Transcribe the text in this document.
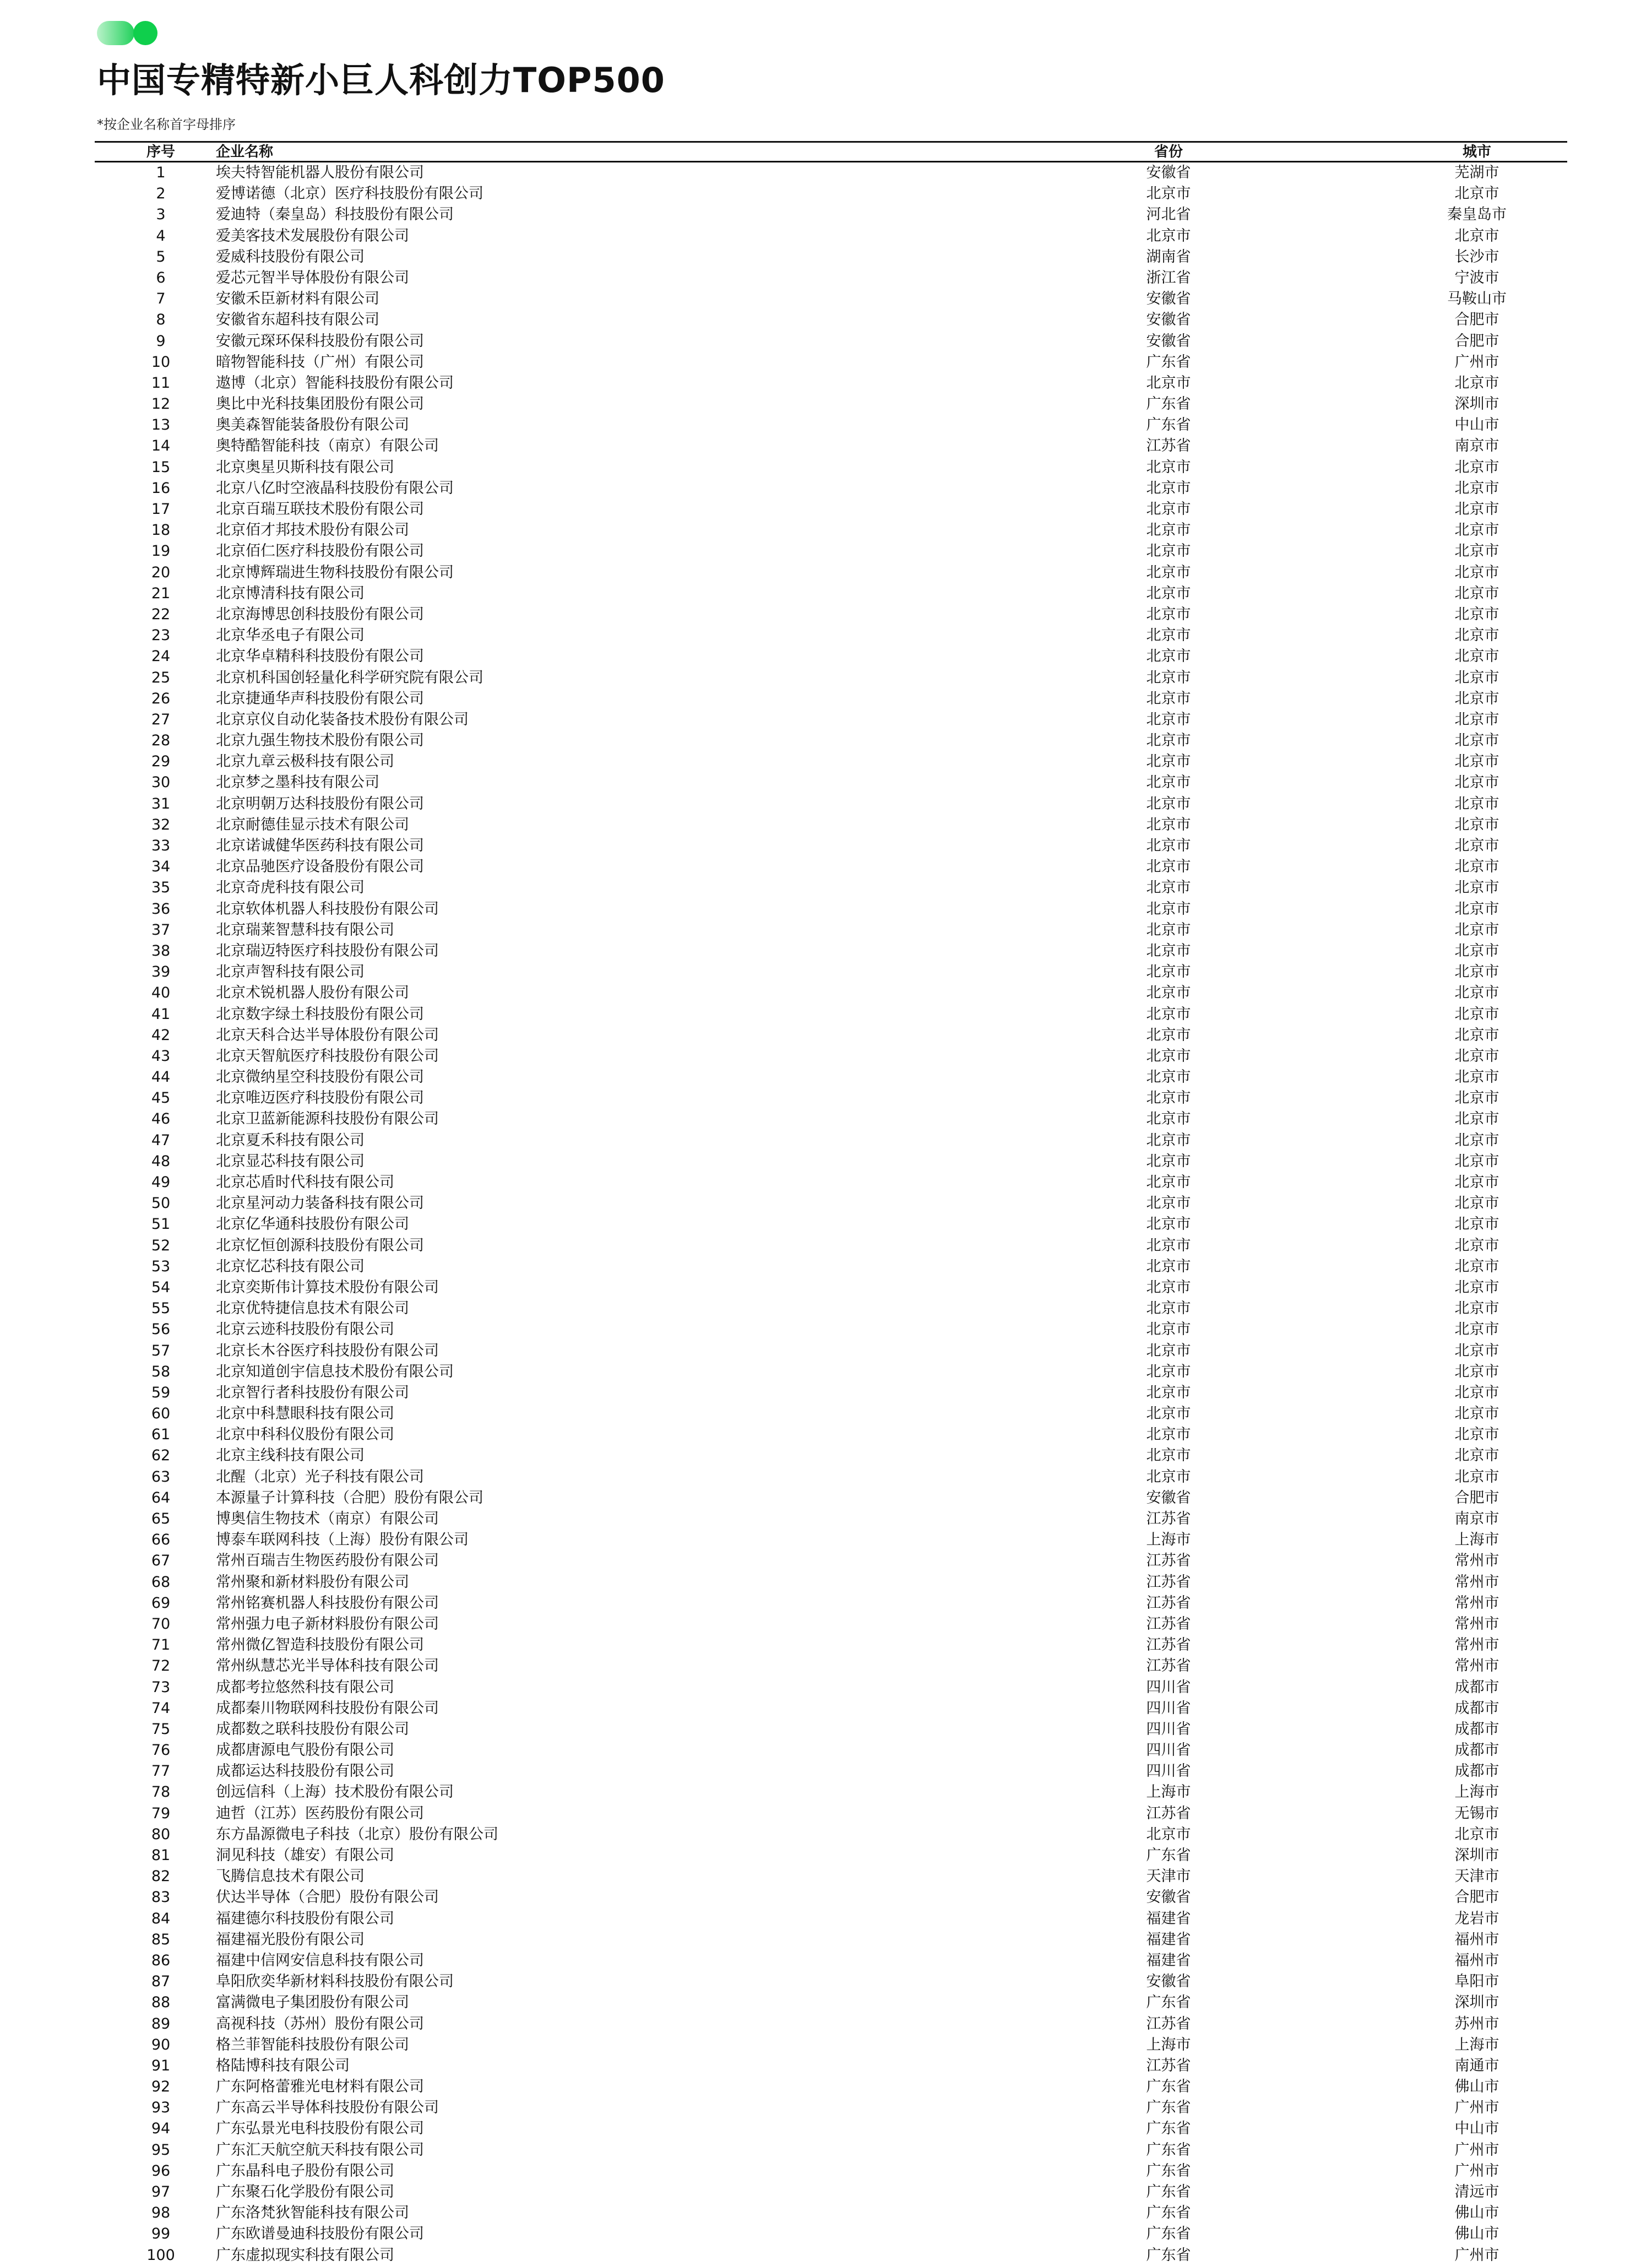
中国专精特新小巨人科创力TOP500
*按企业名称首字母排序
序号	企业名称	省份	城市
1	埃夫特智能机器人股份有限公司	安徽省	芜湖市
2	爱博诺德（北京）医疗科技股份有限公司	北京市	北京市
3	爱迪特（秦皇岛）科技股份有限公司	河北省	秦皇岛市
4	爱美客技术发展股份有限公司	北京市	北京市
5	爱威科技股份有限公司	湖南省	长沙市
6	爱芯元智半导体股份有限公司	浙江省	宁波市
7	安徽禾臣新材料有限公司	安徽省	马鞍山市
8	安徽省东超科技有限公司	安徽省	合肥市
9	安徽元琛环保科技股份有限公司	安徽省	合肥市
10	暗物智能科技（广州）有限公司	广东省	广州市
11	遨博（北京）智能科技股份有限公司	北京市	北京市
12	奥比中光科技集团股份有限公司	广东省	深圳市
13	奥美森智能装备股份有限公司	广东省	中山市
14	奥特酷智能科技（南京）有限公司	江苏省	南京市
15	北京奥星贝斯科技有限公司	北京市	北京市
16	北京八亿时空液晶科技股份有限公司	北京市	北京市
17	北京百瑞互联技术股份有限公司	北京市	北京市
18	北京佰才邦技术股份有限公司	北京市	北京市
19	北京佰仁医疗科技股份有限公司	北京市	北京市
20	北京博辉瑞进生物科技股份有限公司	北京市	北京市
21	北京博清科技有限公司	北京市	北京市
22	北京海博思创科技股份有限公司	北京市	北京市
23	北京华丞电子有限公司	北京市	北京市
24	北京华卓精科科技股份有限公司	北京市	北京市
25	北京机科国创轻量化科学研究院有限公司	北京市	北京市
26	北京捷通华声科技股份有限公司	北京市	北京市
27	北京京仪自动化装备技术股份有限公司	北京市	北京市
28	北京九强生物技术股份有限公司	北京市	北京市
29	北京九章云极科技有限公司	北京市	北京市
30	北京梦之墨科技有限公司	北京市	北京市
31	北京明朝万达科技股份有限公司	北京市	北京市
32	北京耐德佳显示技术有限公司	北京市	北京市
33	北京诺诚健华医药科技有限公司	北京市	北京市
34	北京品驰医疗设备股份有限公司	北京市	北京市
35	北京奇虎科技有限公司	北京市	北京市
36	北京软体机器人科技股份有限公司	北京市	北京市
37	北京瑞莱智慧科技有限公司	北京市	北京市
38	北京瑞迈特医疗科技股份有限公司	北京市	北京市
39	北京声智科技有限公司	北京市	北京市
40	北京术锐机器人股份有限公司	北京市	北京市
41	北京数字绿土科技股份有限公司	北京市	北京市
42	北京天科合达半导体股份有限公司	北京市	北京市
43	北京天智航医疗科技股份有限公司	北京市	北京市
44	北京微纳星空科技股份有限公司	北京市	北京市
45	北京唯迈医疗科技股份有限公司	北京市	北京市
46	北京卫蓝新能源科技股份有限公司	北京市	北京市
47	北京夏禾科技有限公司	北京市	北京市
48	北京显芯科技有限公司	北京市	北京市
49	北京芯盾时代科技有限公司	北京市	北京市
50	北京星河动力装备科技有限公司	北京市	北京市
51	北京亿华通科技股份有限公司	北京市	北京市
52	北京忆恒创源科技股份有限公司	北京市	北京市
53	北京忆芯科技有限公司	北京市	北京市
54	北京奕斯伟计算技术股份有限公司	北京市	北京市
55	北京优特捷信息技术有限公司	北京市	北京市
56	北京云迹科技股份有限公司	北京市	北京市
57	北京长木谷医疗科技股份有限公司	北京市	北京市
58	北京知道创宇信息技术股份有限公司	北京市	北京市
59	北京智行者科技股份有限公司	北京市	北京市
60	北京中科慧眼科技有限公司	北京市	北京市
61	北京中科科仪股份有限公司	北京市	北京市
62	北京主线科技有限公司	北京市	北京市
63	北醒（北京）光子科技有限公司	北京市	北京市
64	本源量子计算科技（合肥）股份有限公司	安徽省	合肥市
65	博奥信生物技术（南京）有限公司	江苏省	南京市
66	博泰车联网科技（上海）股份有限公司	上海市	上海市
67	常州百瑞吉生物医药股份有限公司	江苏省	常州市
68	常州聚和新材料股份有限公司	江苏省	常州市
69	常州铭赛机器人科技股份有限公司	江苏省	常州市
70	常州强力电子新材料股份有限公司	江苏省	常州市
71	常州微亿智造科技股份有限公司	江苏省	常州市
72	常州纵慧芯光半导体科技有限公司	江苏省	常州市
73	成都考拉悠然科技有限公司	四川省	成都市
74	成都秦川物联网科技股份有限公司	四川省	成都市
75	成都数之联科技股份有限公司	四川省	成都市
76	成都唐源电气股份有限公司	四川省	成都市
77	成都运达科技股份有限公司	四川省	成都市
78	创远信科（上海）技术股份有限公司	上海市	上海市
79	迪哲（江苏）医药股份有限公司	江苏省	无锡市
80	东方晶源微电子科技（北京）股份有限公司	北京市	北京市
81	洞见科技（雄安）有限公司	广东省	深圳市
82	飞腾信息技术有限公司	天津市	天津市
83	伏达半导体（合肥）股份有限公司	安徽省	合肥市
84	福建德尔科技股份有限公司	福建省	龙岩市
85	福建福光股份有限公司	福建省	福州市
86	福建中信网安信息科技有限公司	福建省	福州市
87	阜阳欣奕华新材料科技股份有限公司	安徽省	阜阳市
88	富满微电子集团股份有限公司	广东省	深圳市
89	高视科技（苏州）股份有限公司	江苏省	苏州市
90	格兰菲智能科技股份有限公司	上海市	上海市
91	格陆博科技有限公司	江苏省	南通市
92	广东阿格蕾雅光电材料有限公司	广东省	佛山市
93	广东高云半导体科技股份有限公司	广东省	广州市
94	广东弘景光电科技股份有限公司	广东省	中山市
95	广东汇天航空航天科技有限公司	广东省	广州市
96	广东晶科电子股份有限公司	广东省	广州市
97	广东聚石化学股份有限公司	广东省	清远市
98	广东洛梵狄智能科技有限公司	广东省	佛山市
99	广东欧谱曼迪科技股份有限公司	广东省	佛山市
100	广东虚拟现实科技有限公司	广东省	广州市
